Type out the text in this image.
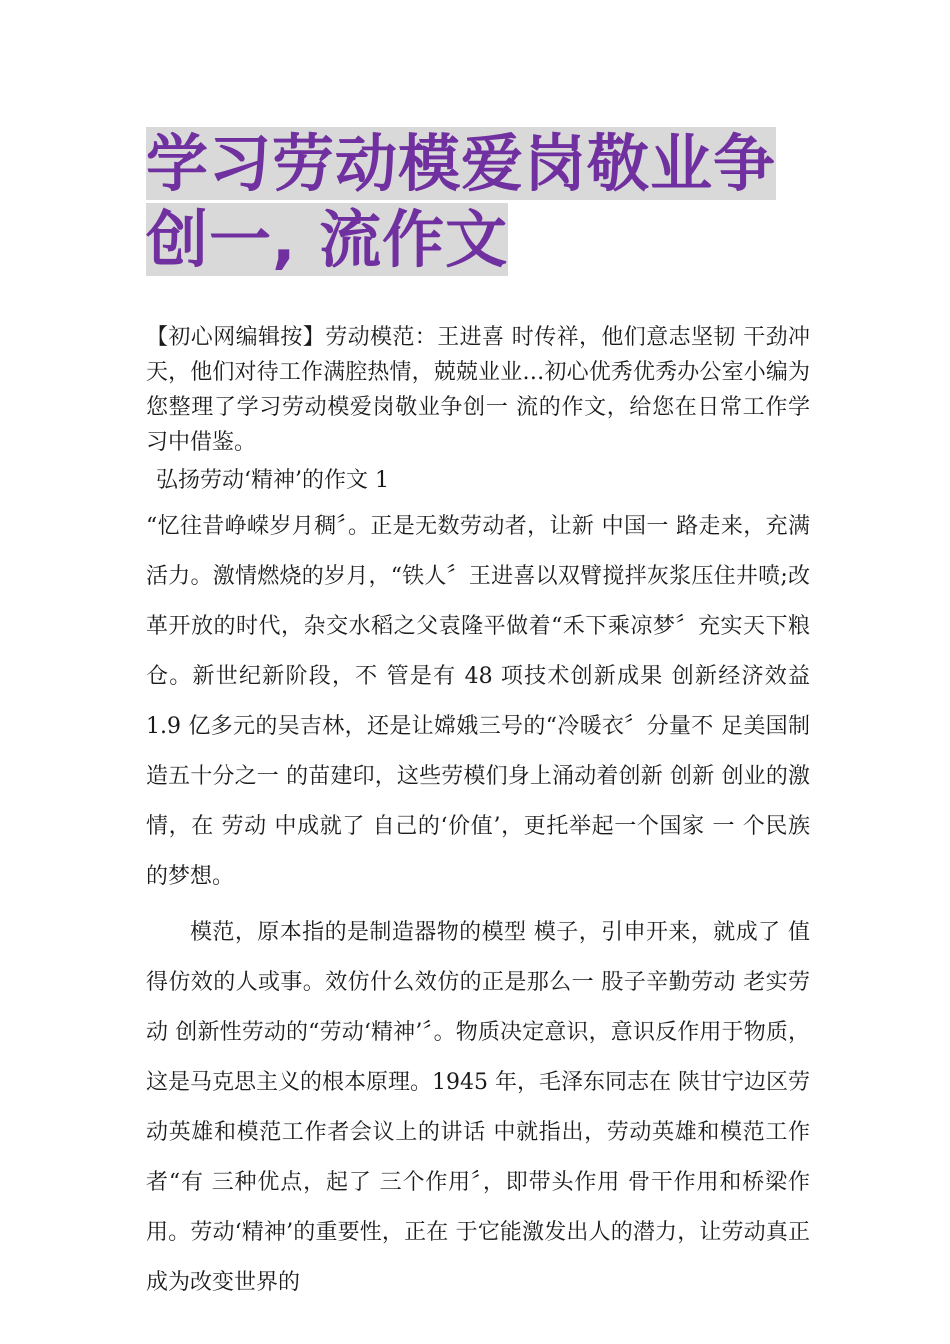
学习劳动模爱岗敬业争创一, 流作文

【初心网编辑按】劳动模范：王进喜 时传祥，他们意志坚韧 干劲冲天，他们对待工作满腔热情，兢兢业业…初心优秀优秀办公室小编为您整理了学习劳动模爱岗敬业争创一 流的作文，给您在日常工作学习中借鉴。

弘扬劳动‘精神’的作文 1

“忆往昔峥嵘岁月稠〞。正是无数劳动者，让新 中国一 路走来，充满活力。激情燃烧的岁月，“铁人〞王进喜以双臂搅拌灰浆压住井喷;改革开放的时代，杂交水稻之父袁隆平做着“禾下乘凉梦〞充实天下粮仓。新世纪新阶段，不 管是有 48 项技术创新成果 创新经济效益 1.9 亿多元的吴吉林，还是让嫦娥三号的“冷暖衣〞分量不 足美国制造五十分之一 的苗建印，这些劳模们身上涌动着创新 创新 创业的激情，在 劳动 中成就了 自己的‘价值’，更托举起一个国家 一 个民族的梦想。

模范，原本指的是制造器物的模型 模子，引申开来，就成了 值得仿效的人或事。效仿什么效仿的正是那么一 股子辛勤劳动 老实劳动 创新性劳动的“劳动‘精神’〞。物质决定意识，意识反作用于物质，这是马克思主义的根本原理。1945 年，毛泽东同志在 陕甘宁边区劳动英雄和模范工作者会议上的讲话 中就指出，劳动英雄和模范工作者“有 三种优点，起了 三个作用〞，即带头作用 骨干作用和桥梁作用。劳动‘精神’的重要性，正在 于它能激发出人的潜力，让劳动真正成为改变世界的
